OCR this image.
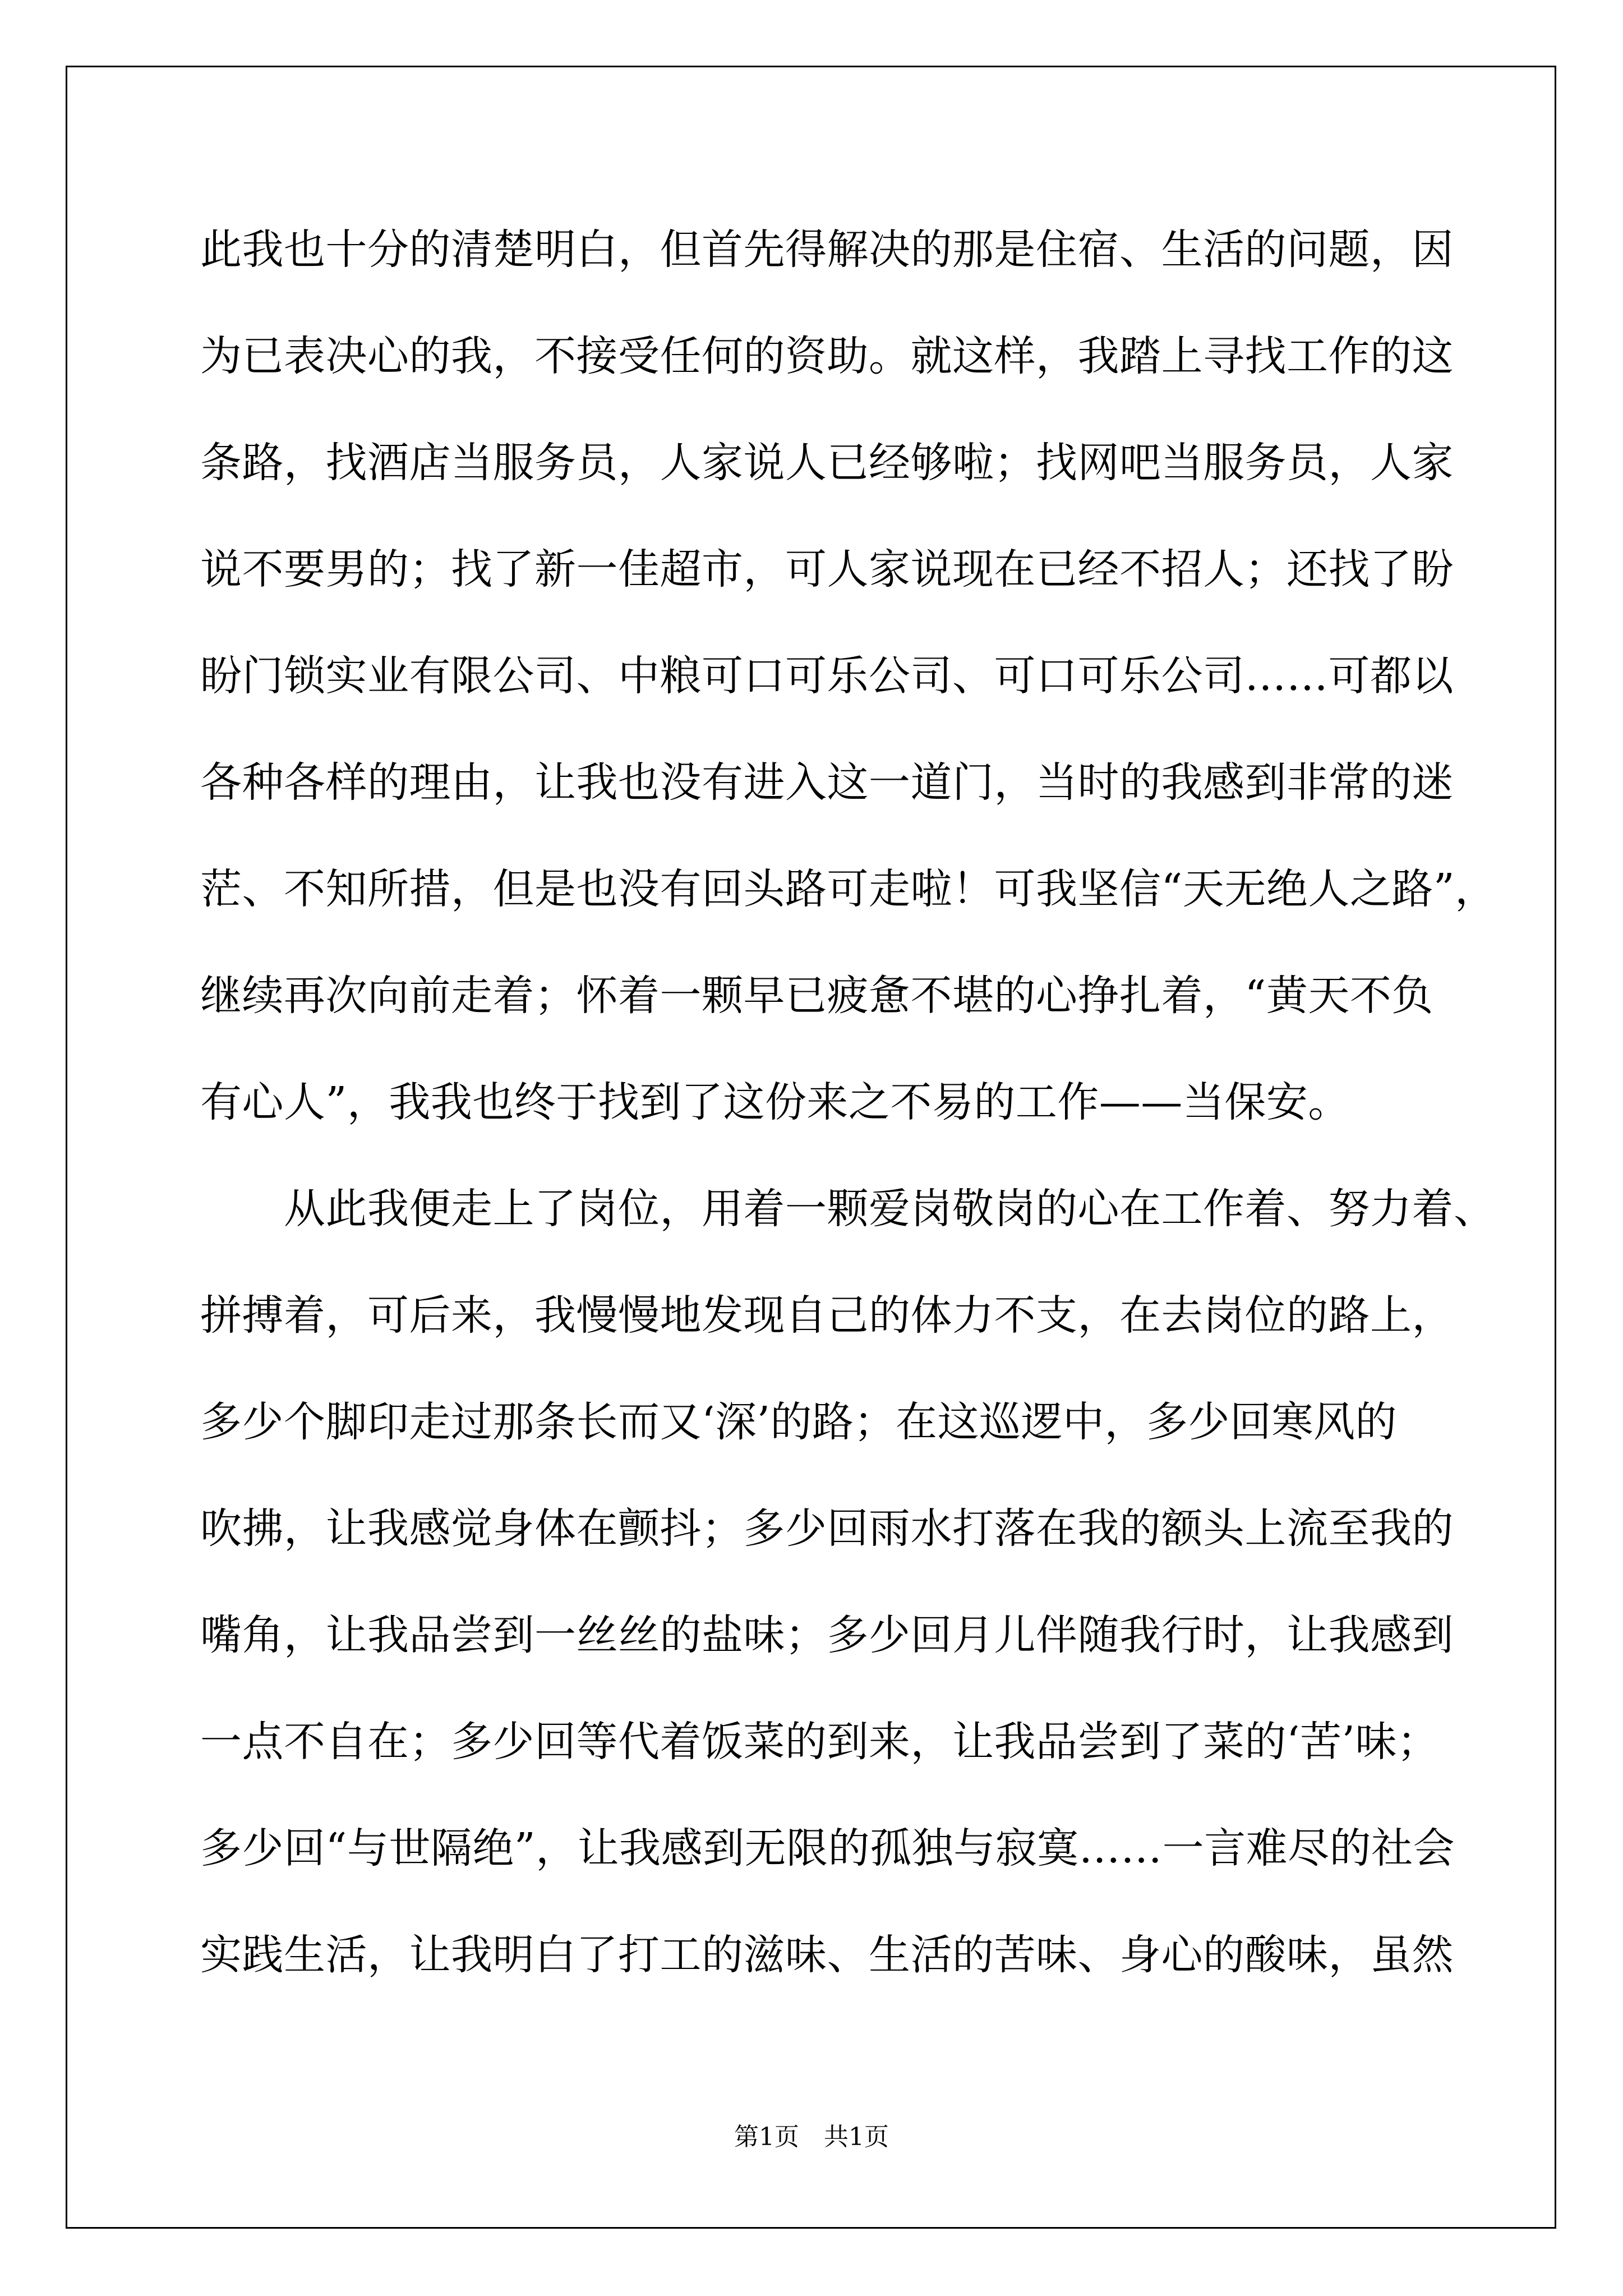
此我也十分的清楚明白，但首先得解决的那是住宿、生活的问题，因
为已表决心的我，不接受任何的资助。就这样，我踏上寻找工作的这
条路，找酒店当服务员，人家说人已经够啦；找网吧当服务员，人家
说不要男的；找了新一佳超市，可人家说现在已经不招人；还找了盼
盼门锁实业有限公司、中粮可口可乐公司、可口可乐公司……可都以
各种各样的理由，让我也没有进入这一道门，当时的我感到非常的迷
茫、不知所措，但是也没有回头路可走啦！可我坚信“天无绝人之路”，
继续再次向前走着；怀着一颗早已疲惫不堪的心挣扎着，“黄天不负
有心人”，我我也终于找到了这份来之不易的工作——当保安。
　　从此我便走上了岗位，用着一颗爱岗敬岗的心在工作着、努力着、
拼搏着，可后来，我慢慢地发现自己的体力不支，在去岗位的路上，
多少个脚印走过那条长而又‘深’的路；在这巡逻中，多少回寒风的
吹拂，让我感觉身体在颤抖；多少回雨水打落在我的额头上流至我的
嘴角，让我品尝到一丝丝的盐味；多少回月儿伴随我行时，让我感到
一点不自在；多少回等代着饭菜的到来，让我品尝到了菜的‘苦’味；
多少回“与世隔绝”，让我感到无限的孤独与寂寞……一言难尽的社会
实践生活，让我明白了打工的滋味、生活的苦味、身心的酸味，虽然
第1页　共1页
